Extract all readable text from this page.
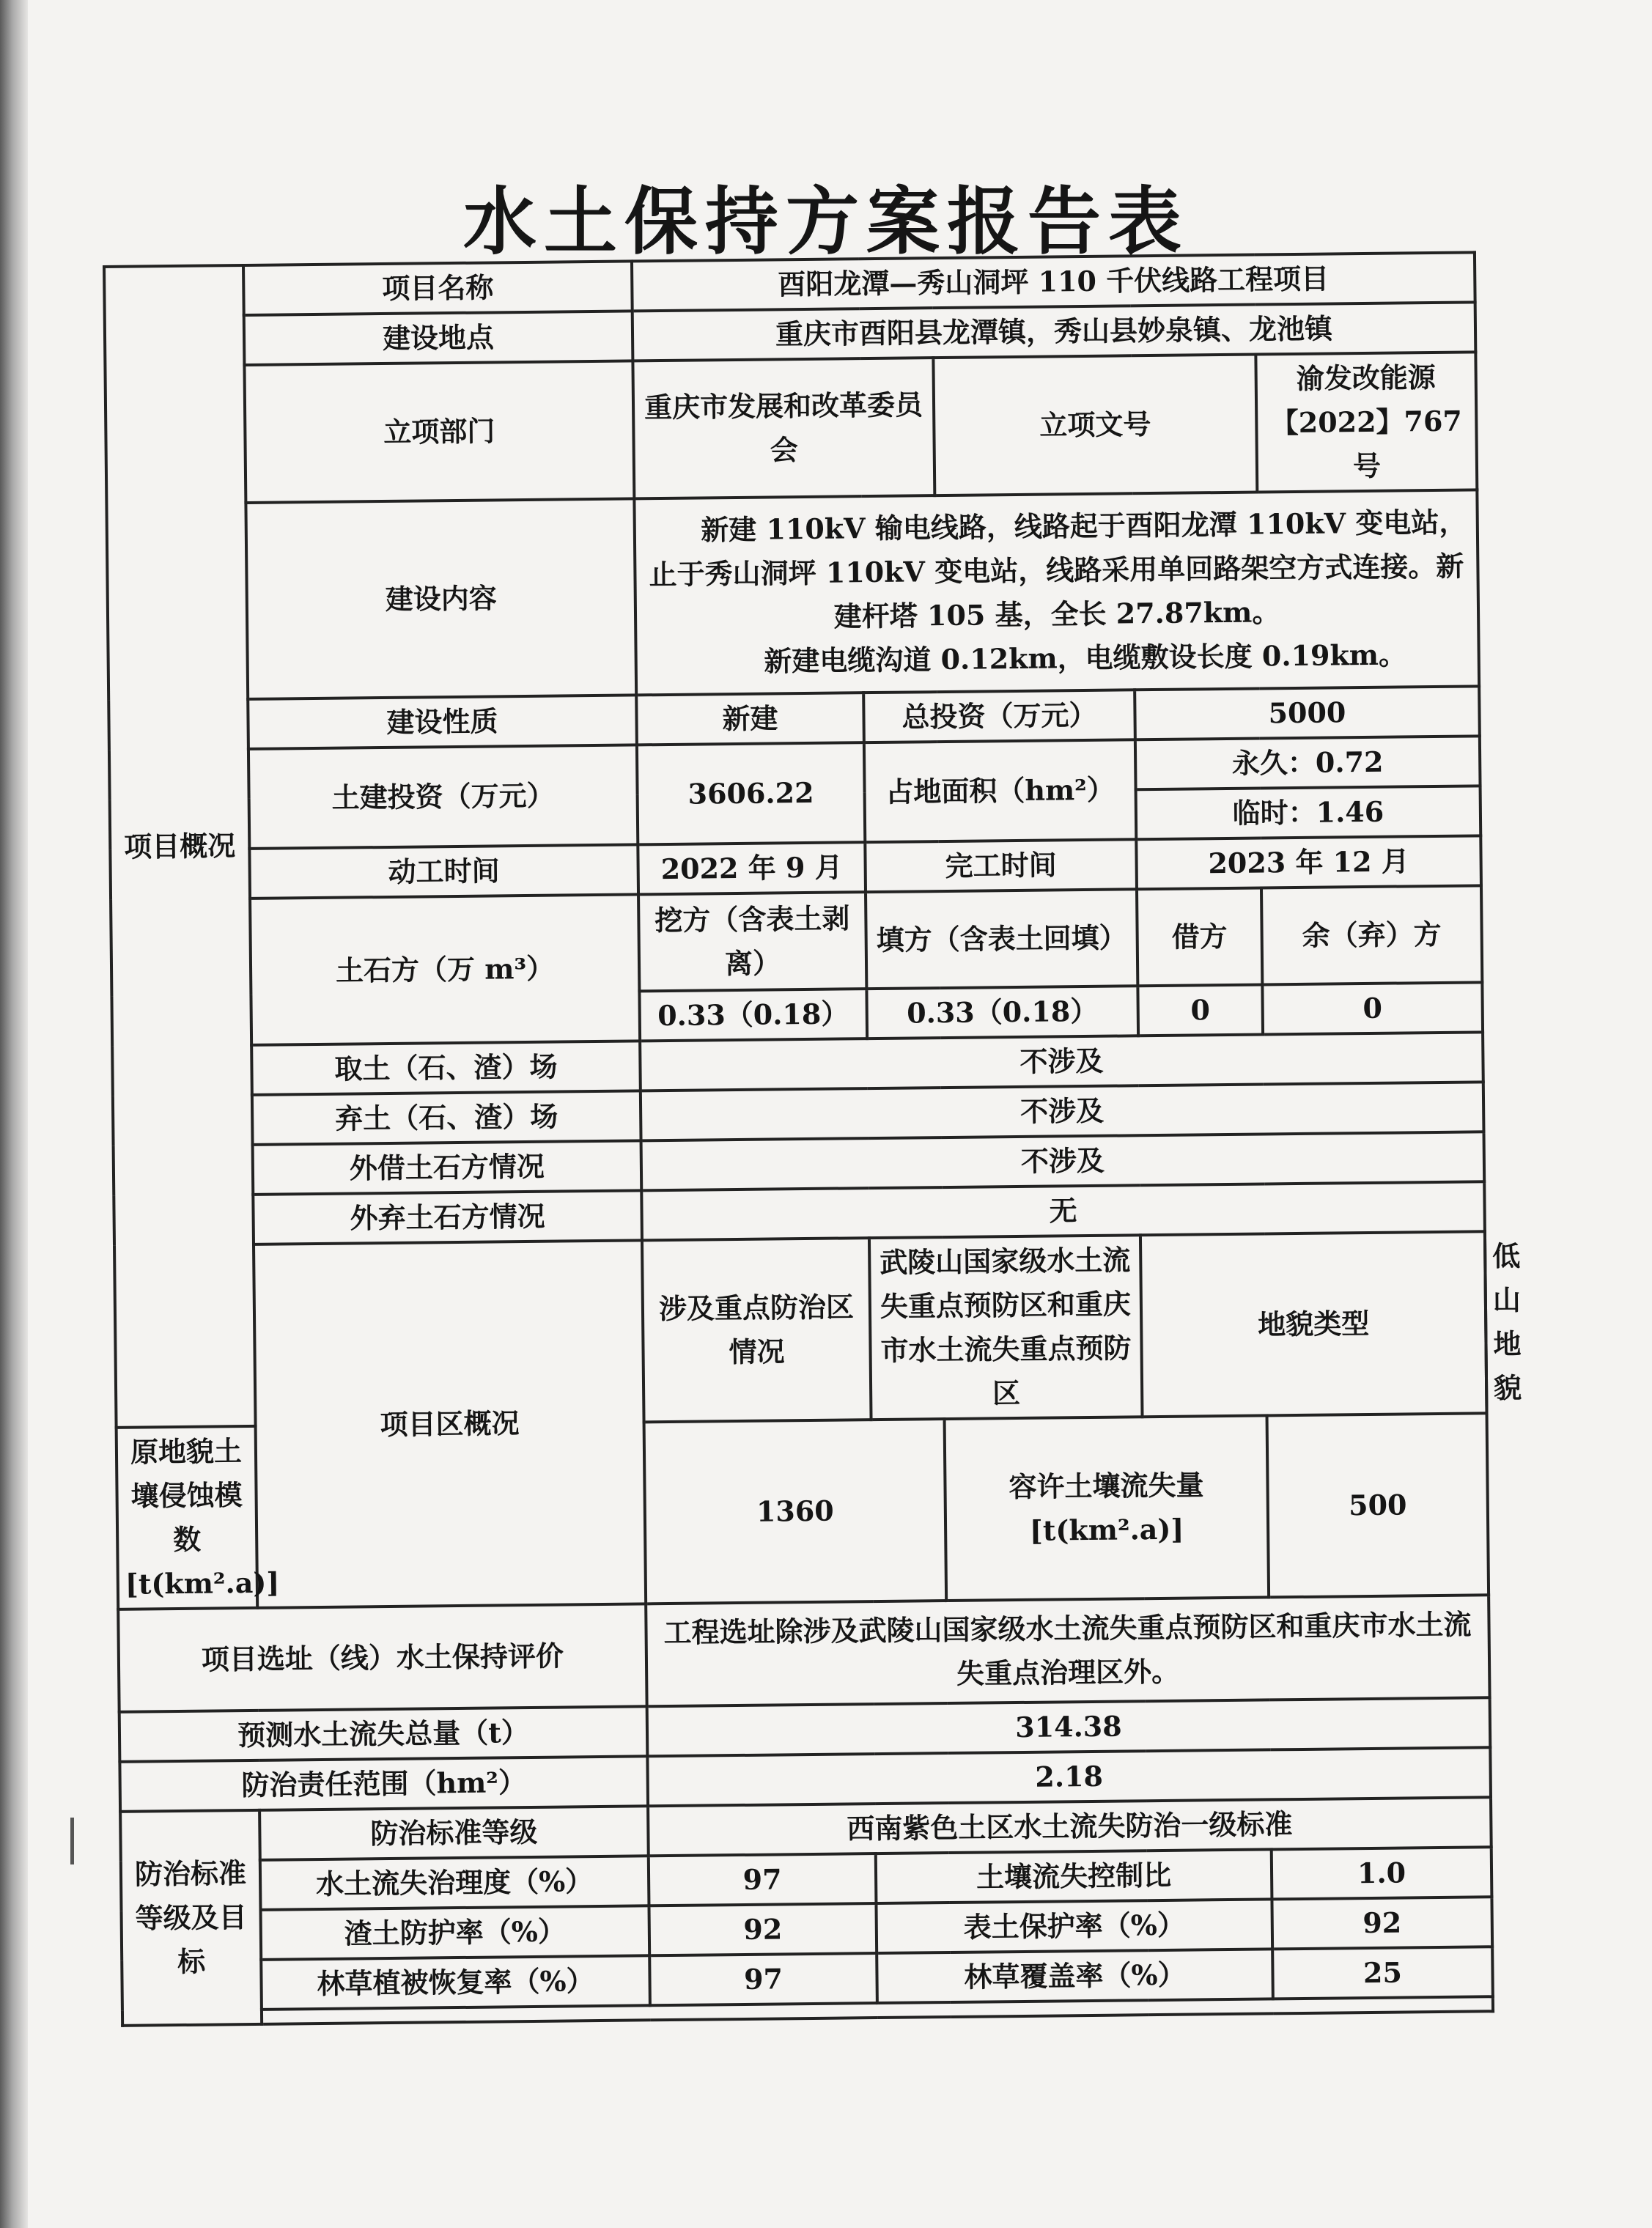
水土保持方案报告表
项目概况	项目名称	酉阳龙潭—秀山洞坪 110 千伏线路工程项目					
	建设地点	重庆市酉阳县龙潭镇，秀山县妙泉镇、龙池镇					
	立项部门	重庆市发展和改革委员会		立项文号		渝发改能源【2022】767 号	
	建设内容	新建 110kV 输电线路，线路起于酉阳龙潭 110kV 变电站，止于秀山洞坪 110kV 变电站，线路采用单回路架空方式连接。新建杆塔 105 基，全长 27.87km。

新建电缆沟道 0.12km，电缆敷设长度 0.19km。					

	建设性质	新建	总投资（万元）		5000		
	土建投资（万元）	3606.22	占地面积（hm²）		永久：0.72		
					临时：1.46		
	动工时间	2022 年 9 月	完工时间		2023 年 12 月		
	土石方（万 m³）	挖方（含表土剥离）	填方（含表土回填）		借方	余（弃）方	
		0.33（0.18）	0.33（0.18）		0	0	
	取土（石、渣）场	不涉及					
	弃土（石、渣）场	不涉及					
	外借土石方情况	不涉及					
	外弃土石方情况	无					
	项目区概况	涉及重点防治区情况	武陵山国家级水土流失重点预防区和重庆市水土流失重点预防区		地貌类型		低山地貌
原地貌土壤侵蚀模数[t(km².a)]		1360		容许土壤流失量[t(km².a)]		500	
项目选址（线）水土保持评价		工程选址除涉及武陵山国家级水土流失重点预防区和重庆市水土流失重点治理区外。					
预测水土流失总量（t）		314.38					
防治责任范围（hm²）		2.18					
防治标准等级及目标	防治标准等级	西南紫色土区水土流失防治一级标准					
	水土流失治理度（%）	97	土壤流失控制比			1.0	
	渣土防护率（%）	92	表土保护率（%）			92	
	林草植被恢复率（%）	97	林草覆盖率（%）			25	
